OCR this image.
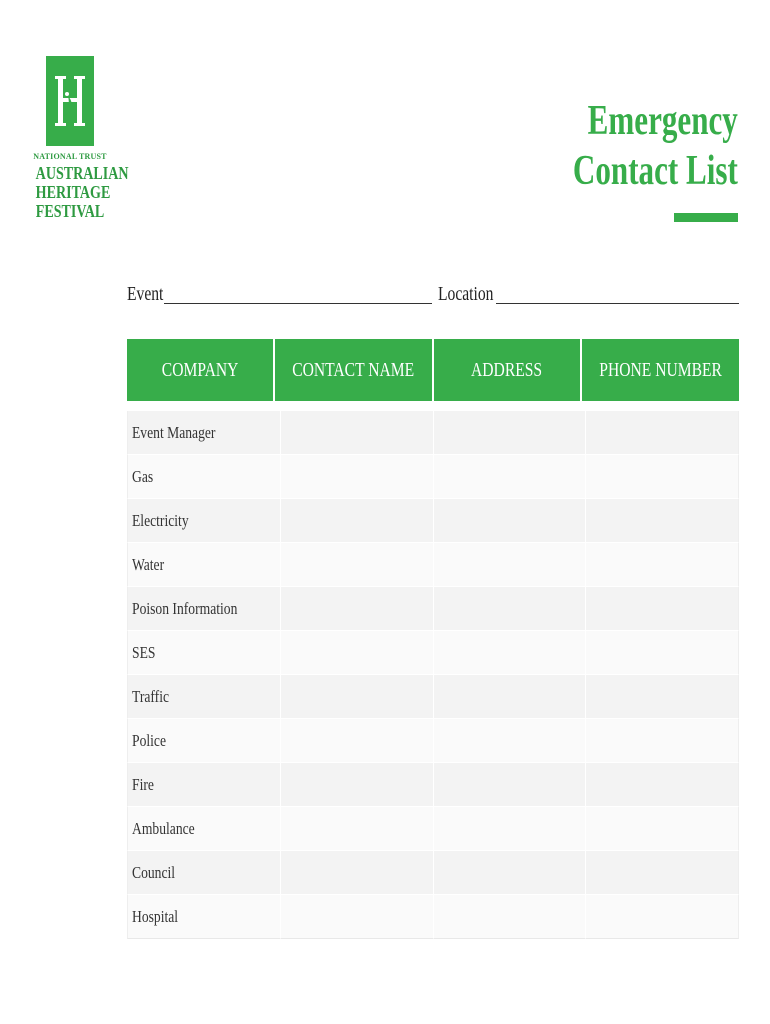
NATIONAL TRUST
AUSTRALIAN
HERITAGE
FESTIVAL
Emergency
Contact List
Event	Location
COMPANY	CONTACT NAME	ADDRESS	PHONE NUMBER
Event Manager
Gas
Electricity
Water
Poison Information
SES
Traffic
Police
Fire
Ambulance
Council
Hospital
